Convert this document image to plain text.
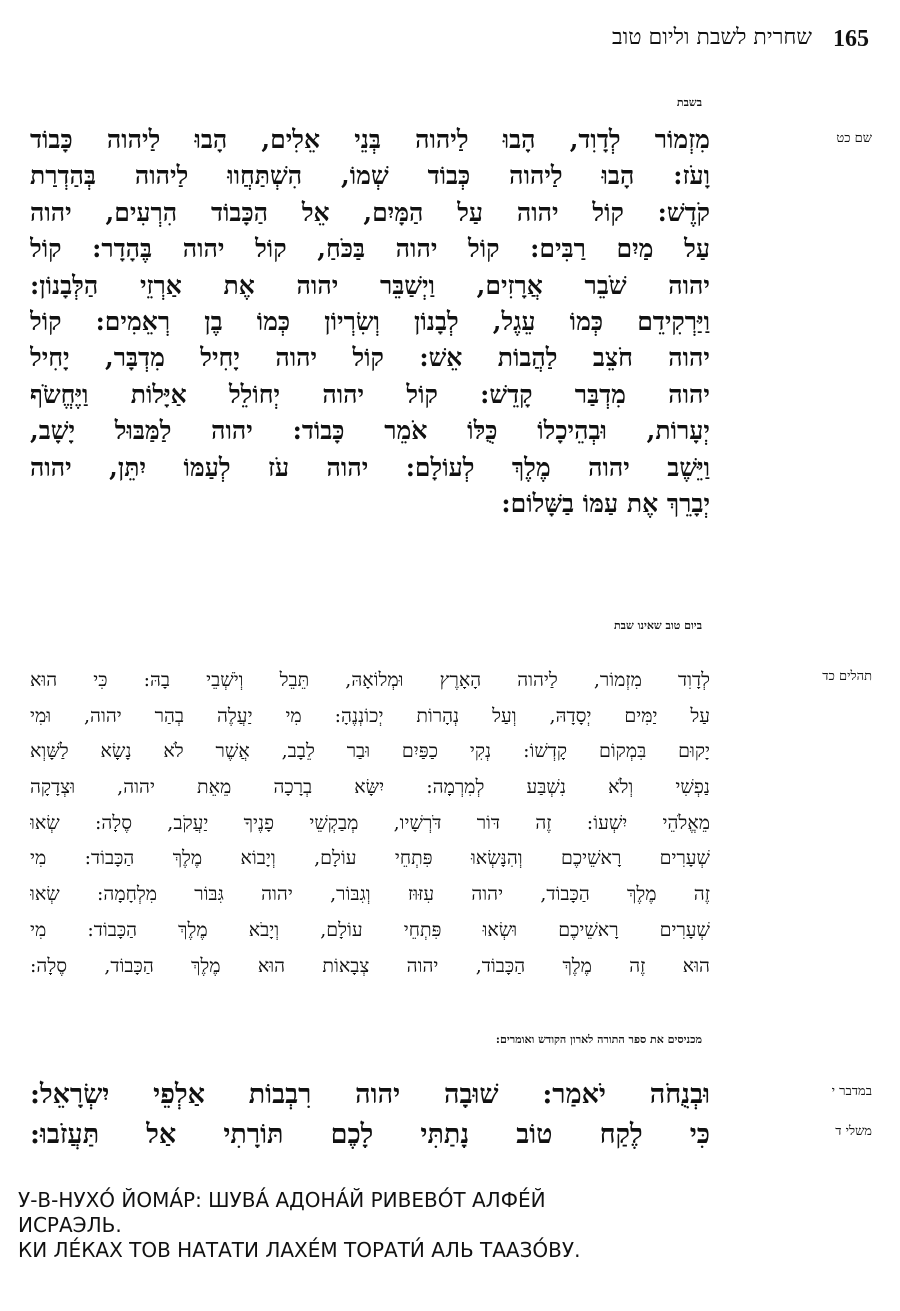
165
שחרית לשבת וליום טוב
בשבת
שם כט
מִזְמוֹר לְדָוִד, הָבוּ לַיהוה בְּנֵי אֵלִים, הָבוּ לַיהוה כָּבוֹד
וָעֹז: הָבוּ לַיהוה כְּבוֹד שְׁמוֹ, הִשְׁתַּחֲווּ לַיהוה בְּהַדְרַת
קֹדֶשׁ: קוֹל יהוה עַל הַמָּיִם, אֵל הַכָּבוֹד הִרְעִים, יהוה
עַל מַיִם רַבִּים: קוֹל יהוה בַּכֹּחַ, קוֹל יהוה בֶּהָדָר: קוֹל
יהוה שֹׁבֵר אֲרָזִים, וַיְשַׁבֵּר יהוה אֶת אַרְזֵי הַלְּבָנוֹן:
וַיַּרְקִידֵם כְּמוֹ עֵגֶל, לְבָנוֹן וְשִׂרְיוֹן כְּמוֹ בֶן רְאֵמִים: קוֹל
יהוה חֹצֵב לַהֲבוֹת אֵשׁ: קוֹל יהוה יָחִיל מִדְבָּר, יָחִיל
יהוה מִדְבַּר קָדֵשׁ: קוֹל יהוה יְחוֹלֵל אַיָּלוֹת וַיֶּחֱשֹׂף
יְעָרוֹת, וּבְהֵיכָלוֹ כֻּלּוֹ אֹמֵר כָּבוֹד: יהוה לַמַּבּוּל יָשָׁב,
וַיֵּשֶׁב יהוה מֶלֶךְ לְעוֹלָם: יהוה עֹז לְעַמּוֹ יִתֵּן, יהוה
יְבָרֵךְ אֶת עַמּוֹ בַשָּׁלוֹם:
ביום טוב שאינו שבת
תהלים כד
לְדָוִד מִזְמוֹר, לַיהוה הָאָרֶץ וּמְלוֹאָהּ, תֵּבֵל וְיֹשְׁבֵי בָהּ: כִּי הוּא
עַל יַמִּים יְסָדָהּ, וְעַל נְהָרוֹת יְכוֹנְנֶהָ: מִי יַעֲלֶה בְהַר יהוה, וּמִי
יָקוּם בִּמְקוֹם קָדְשׁוֹ: נְקִי כַפַּיִם וּבַר לֵבָב, אֲשֶׁר לֹא נָשָׂא לַשָּׁוְא
נַפְשִׁי וְלֹא נִשְׁבַּע לְמִרְמָה: יִשָּׂא בְרָכָה מֵאֵת יהוה, וּצְדָקָה
מֵאֱלֹהֵי יִשְׁעוֹ: זֶה דּוֹר דֹּרְשָׁיו, מְבַקְשֵׁי פָנֶיךָ יַעֲקֹב, סֶלָה: שְׂאוּ
שְׁעָרִים רָאשֵׁיכֶם וְהִנָּשְׂאוּ פִּתְחֵי עוֹלָם, וְיָבוֹא מֶלֶךְ הַכָּבוֹד: מִי
זֶה מֶלֶךְ הַכָּבוֹד, יהוה עִזּוּז וְגִבּוֹר, יהוה גִּבּוֹר מִלְחָמָה: שְׂאוּ
שְׁעָרִים רָאשֵׁיכֶם וּשְׂאוּ פִּתְחֵי עוֹלָם, וְיָבֹא מֶלֶךְ הַכָּבוֹד: מִי
הוּא זֶה מֶלֶךְ הַכָּבוֹד, יהוה צְבָאוֹת הוּא מֶלֶךְ הַכָּבוֹד, סֶלָה:
מכניסים את ספר התורה לארון הקודש ואומרים:
במדבר י
משלי ד
וּבְנֻחֹה יֹאמַר: שׁוּבָה יהוה רִבְבוֹת אַלְפֵי יִשְׂרָאֵל:
כִּי לֶקַח טוֹב נָתַתִּי לָכֶם תּוֹרָתִי אַל תַּעֲזֹבוּ:

У-В-НУХО́ ЙОМА́Р: ШУВА́ АДОНА́Й РИВЕВО́Т АЛФЕ́Й

ИСРАЭЛЬ.

КИ ЛЕ́КАХ ТОВ НАТАТИ ЛАХЕ́М ТОРАТИ́ АЛЬ ТААЗО́ВУ.
